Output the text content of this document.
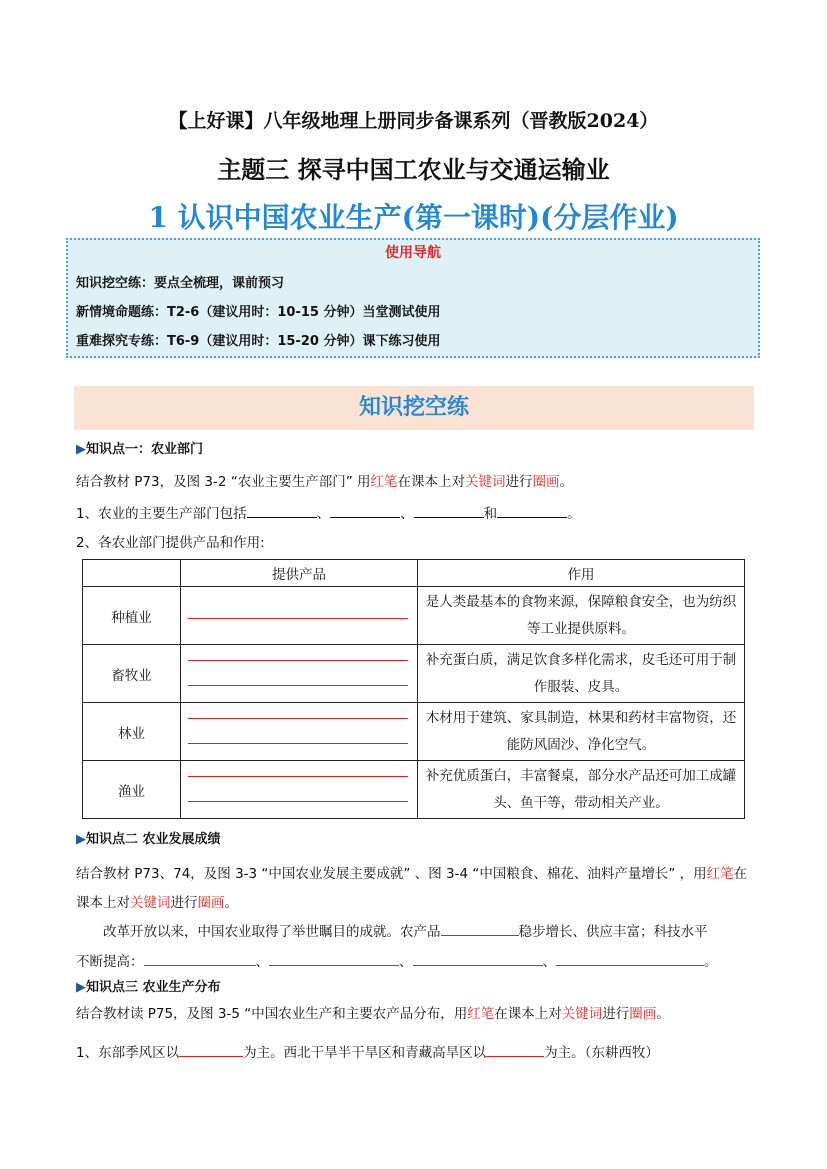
【上好课】八年级地理上册同步备课系列（晋教版2024）
主题三 探寻中国工农业与交通运输业
1 认识中国农业生产(第一课时)(分层作业)
使用导航
知识挖空练：要点全梳理，课前预习
新情境命题练：T2-6（建议用时：10-15 分钟）当堂测试使用
重难探究专练：T6-9（建议用时：15-20 分钟）课下练习使用
知识挖空练
▶知识点一：农业部门
结合教材 P73，及图 3-2 “农业主要生产部门” 用红笔在课本上对关键词进行圈画。
1、农业的主要生产部门包括	、	、	和	。
2、各农业部门提供产品和作用:
	提供产品	作用
种植业		是人类最基本的食物来源，保障粮食安全，也为纺织等工业提供原料。
畜牧业		补充蛋白质，满足饮食多样化需求，皮毛还可用于制作服装、皮具。
林业		木材用于建筑、家具制造，林果和药材丰富物资，还能防风固沙、净化空气。
渔业		补充优质蛋白，丰富餐桌，部分水产品还可加工成罐头、鱼干等，带动相关产业。
▶知识点二 农业发展成绩
结合教材 P73、74，及图 3-3 “中国农业发展主要成就” 、图 3-4 “中国粮食、棉花、油料产量增长” ，用红笔在课本上对关键词进行圈画。
改革开放以来，中国农业取得了举世瞩目的成就。农产品	稳步增长、供应丰富；科技水平
不断提高：	、	、	、	。
▶知识点三 农业生产分布
结合教材读 P75，及图 3-5 “中国农业生产和主要农产品分布，用红笔在课本上对关键词进行圈画。
1、东部季风区以	为主。西北干旱半干旱区和青藏高旱区以	为主。（东耕西牧）
